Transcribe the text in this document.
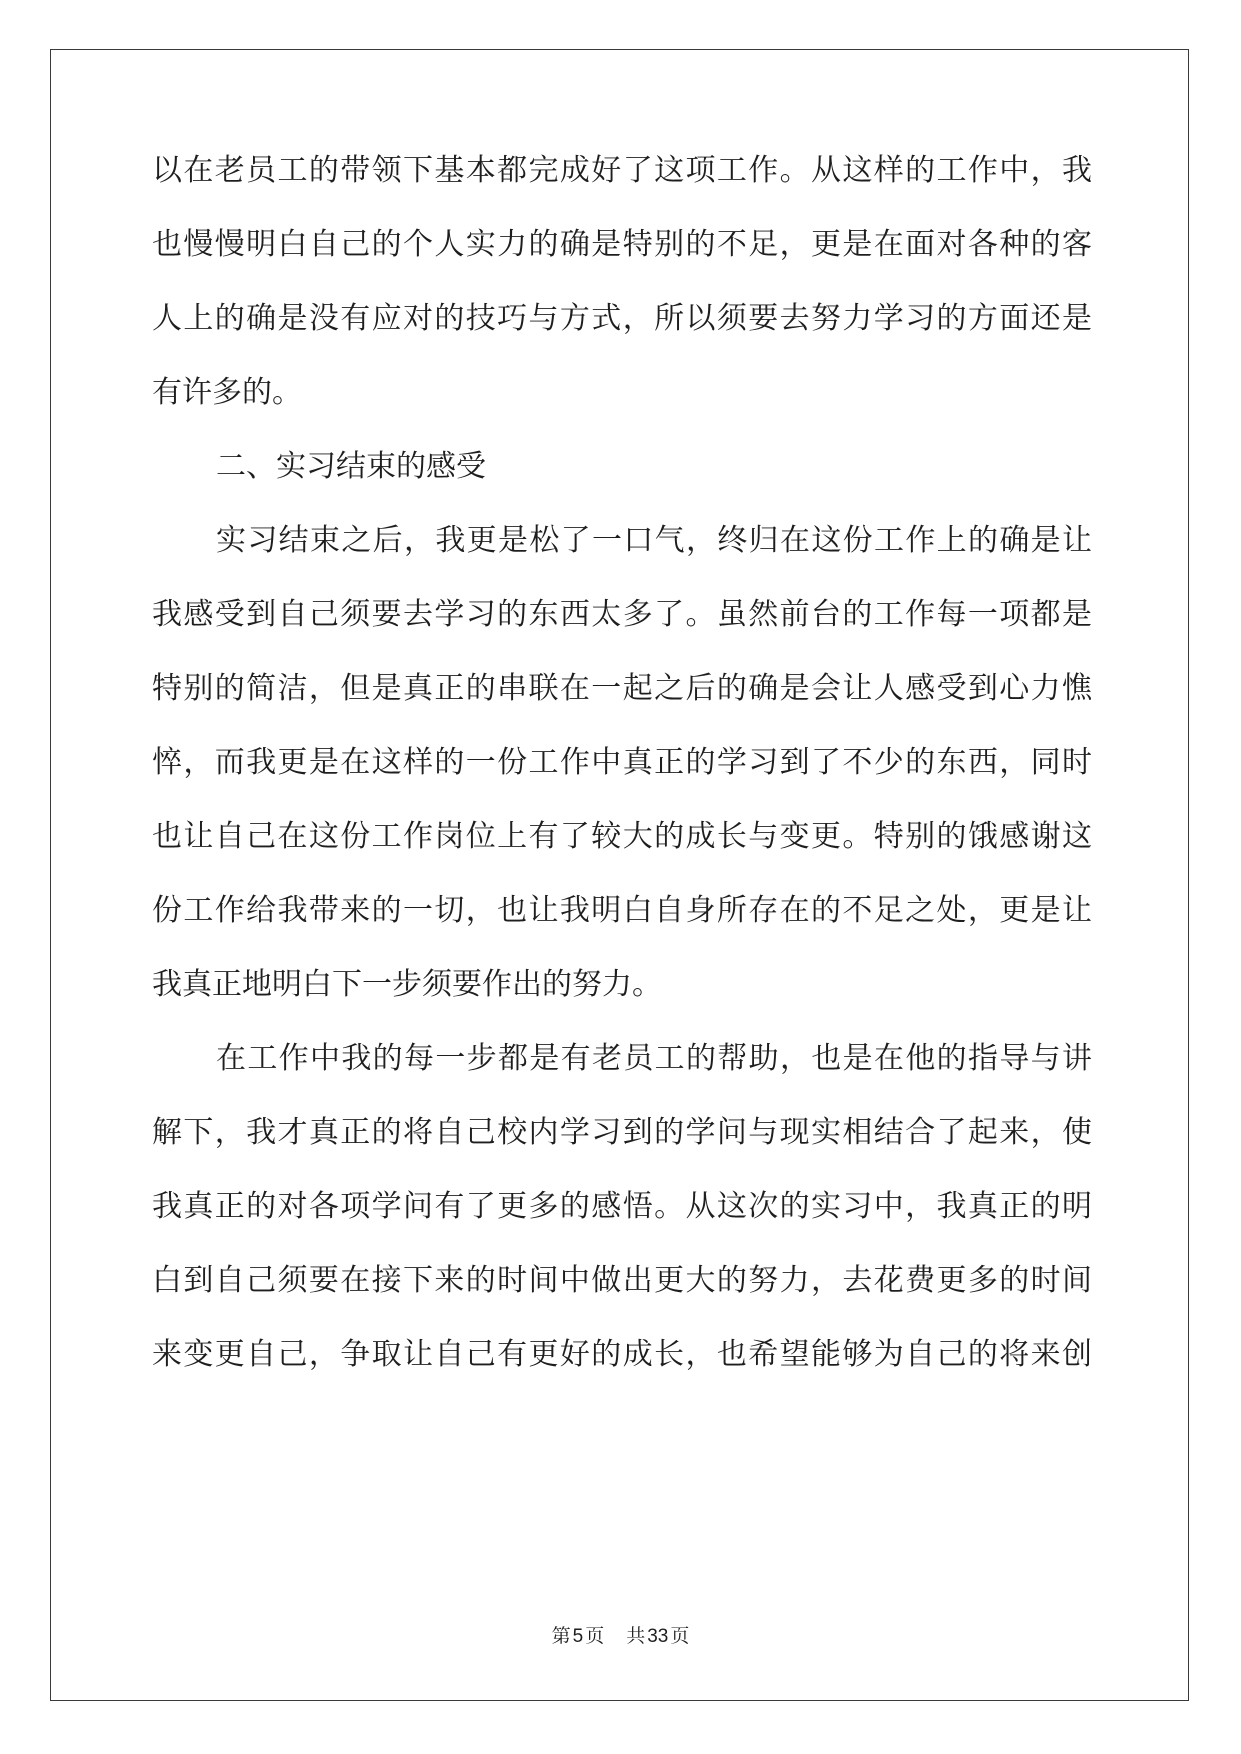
以在老员工的带领下基本都完成好了这项工作。从这样的工作中，我
也慢慢明白自己的个人实力的确是特别的不足，更是在面对各种的客
人上的确是没有应对的技巧与方式，所以须要去努力学习的方面还是
有许多的。
二、实习结束的感受
实习结束之后，我更是松了一口气，终归在这份工作上的确是让
我感受到自己须要去学习的东西太多了。虽然前台的工作每一项都是
特别的简洁，但是真正的串联在一起之后的确是会让人感受到心力憔
悴，而我更是在这样的一份工作中真正的学习到了不少的东西，同时
也让自己在这份工作岗位上有了较大的成长与变更。特别的饿感谢这
份工作给我带来的一切，也让我明白自身所存在的不足之处，更是让
我真正地明白下一步须要作出的努力。
在工作中我的每一步都是有老员工的帮助，也是在他的指导与讲
解下，我才真正的将自己校内学习到的学问与现实相结合了起来，使
我真正的对各项学问有了更多的感悟。从这次的实习中，我真正的明
白到自己须要在接下来的时间中做出更大的努力，去花费更多的时间
来变更自己，争取让自己有更好的成长，也希望能够为自己的将来创
第 5 页 共 33 页
